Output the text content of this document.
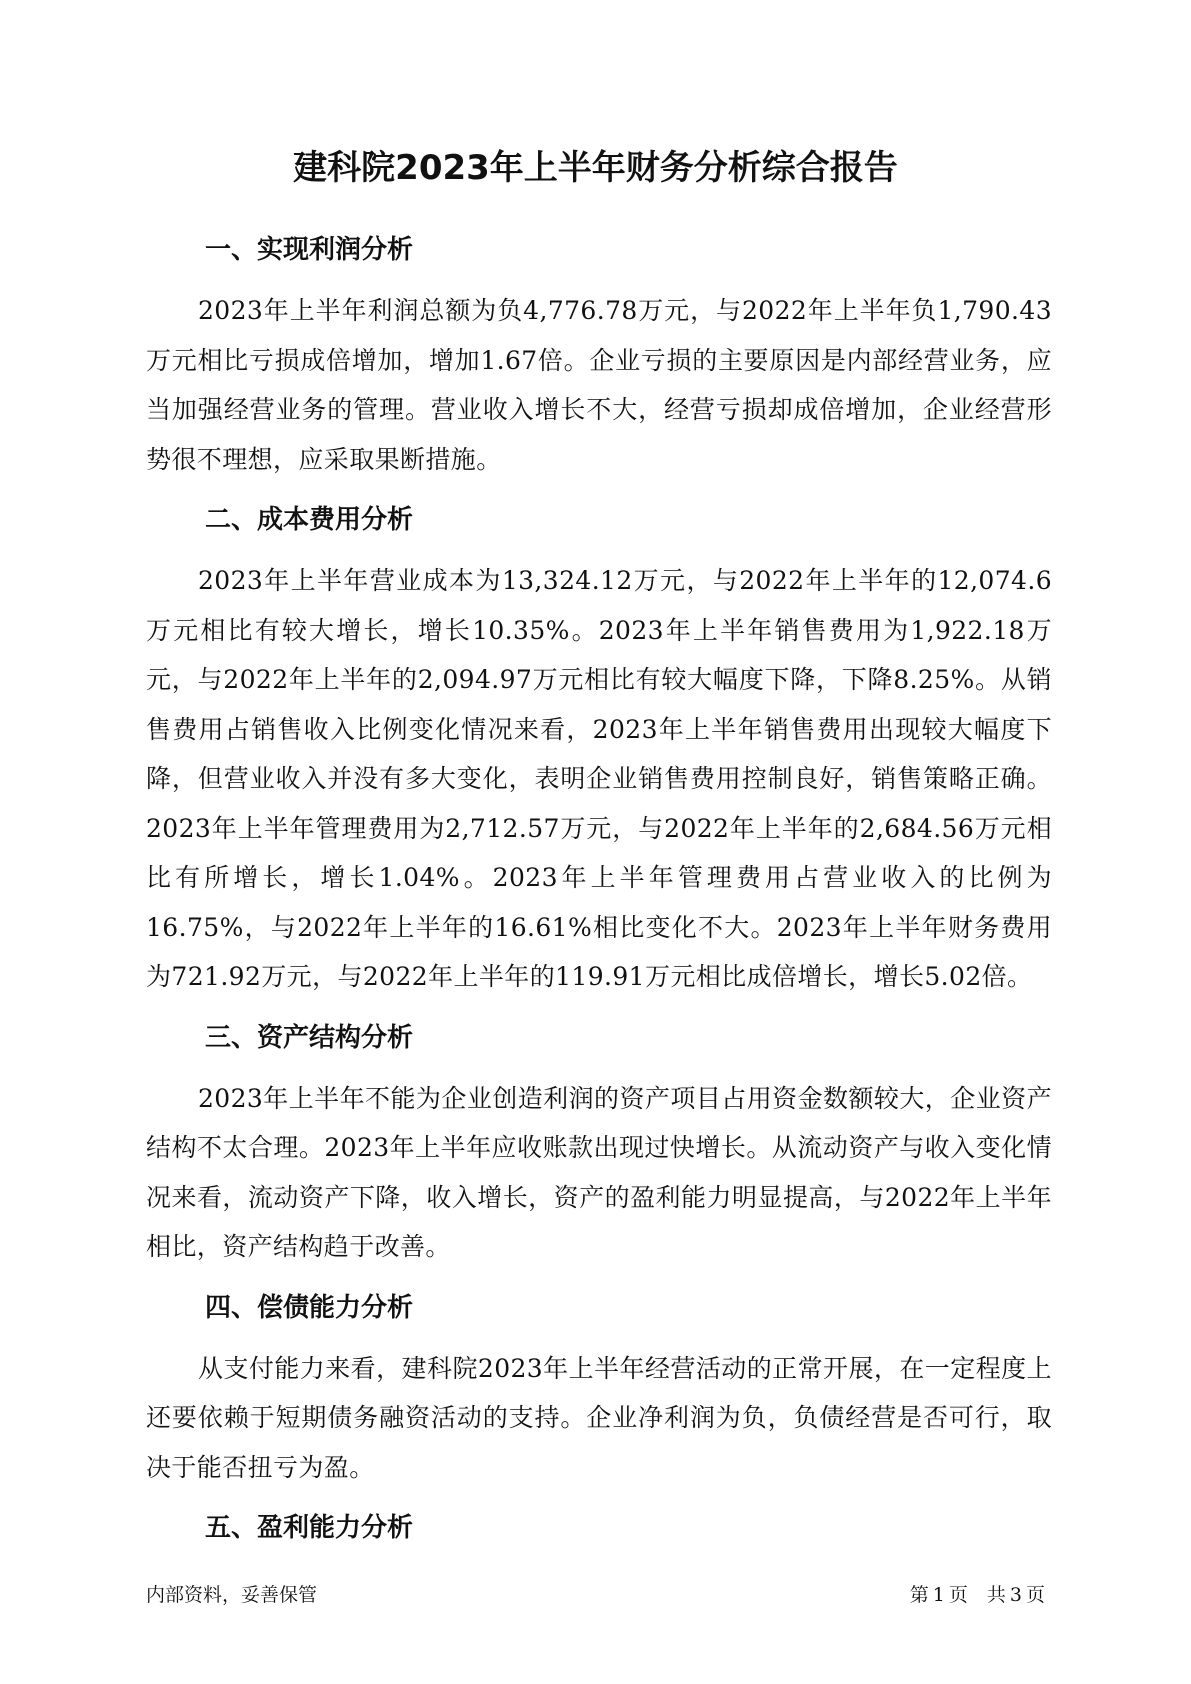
建科院2023年上半年财务分析综合报告
一、实现利润分析

2023年上半年利润总额为负4,776.78万元，与2022年上半年负1,790.43万元相比亏损成倍增加，增加1.67倍。企业亏损的主要原因是内部经营业务，应当加强经营业务的管理。营业收入增长不大，经营亏损却成倍增加，企业经营形势很不理想，应采取果断措施。

二、成本费用分析

2023年上半年营业成本为13,324.12万元，与2022年上半年的12,074.6万元相比有较大增长，增长10.35%。2023年上半年销售费用为1,922.18万元，与2022年上半年的2,094.97万元相比有较大幅度下降，下降8.25%。从销售费用占销售收入比例变化情况来看，2023年上半年销售费用出现较大幅度下降，但营业收入并没有多大变化，表明企业销售费用控制良好，销售策略正确。2023年上半年管理费用为2,712.57万元，与2022年上半年的2,684.56万元相比有所增长，增长1.04%。2023年上半年管理费用占营业收入的比例为16.75%，与2022年上半年的16.61%相比变化不大。2023年上半年财务费用为721.92万元，与2022年上半年的119.91万元相比成倍增长，增长5.02倍。

三、资产结构分析

2023年上半年不能为企业创造利润的资产项目占用资金数额较大，企业资产结构不太合理。2023年上半年应收账款出现过快增长。从流动资产与收入变化情况来看，流动资产下降，收入增长，资产的盈利能力明显提高，与2022年上半年相比，资产结构趋于改善。

四、偿债能力分析

从支付能力来看，建科院2023年上半年经营活动的正常开展，在一定程度上还要依赖于短期债务融资活动的支持。企业净利润为负，负债经营是否可行，取决于能否扭亏为盈。

五、盈利能力分析
内部资料，妥善保管	第 1 页　共 3 页
